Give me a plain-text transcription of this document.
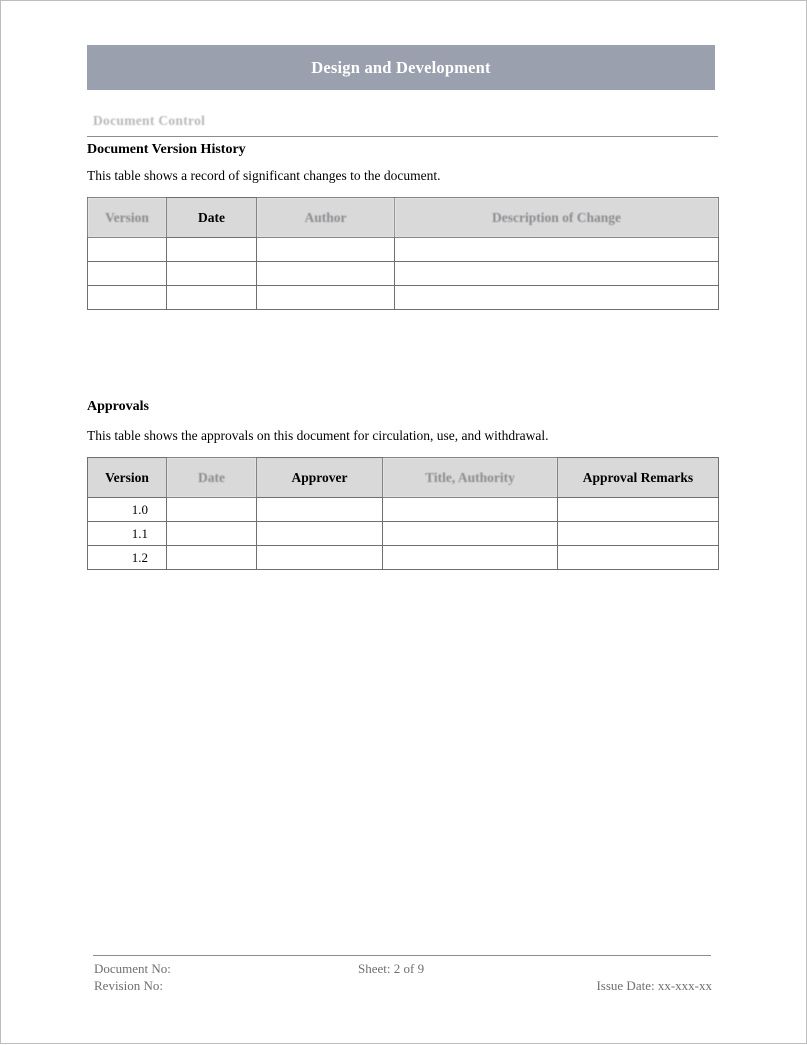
Design and Development
Document Control
Document Version History
This table shows a record of significant changes to the document.
Version	Date	Author	Description of Change

Approvals
This table shows the approvals on this document for circulation, use, and withdrawal.
Version	Date	Approver	Title, Authority	Approval Remarks
1.0				
1.1				
1.2				
Document No:
Revision No:
Sheet: 2 of 9
Issue Date: xx-xxx-xx
